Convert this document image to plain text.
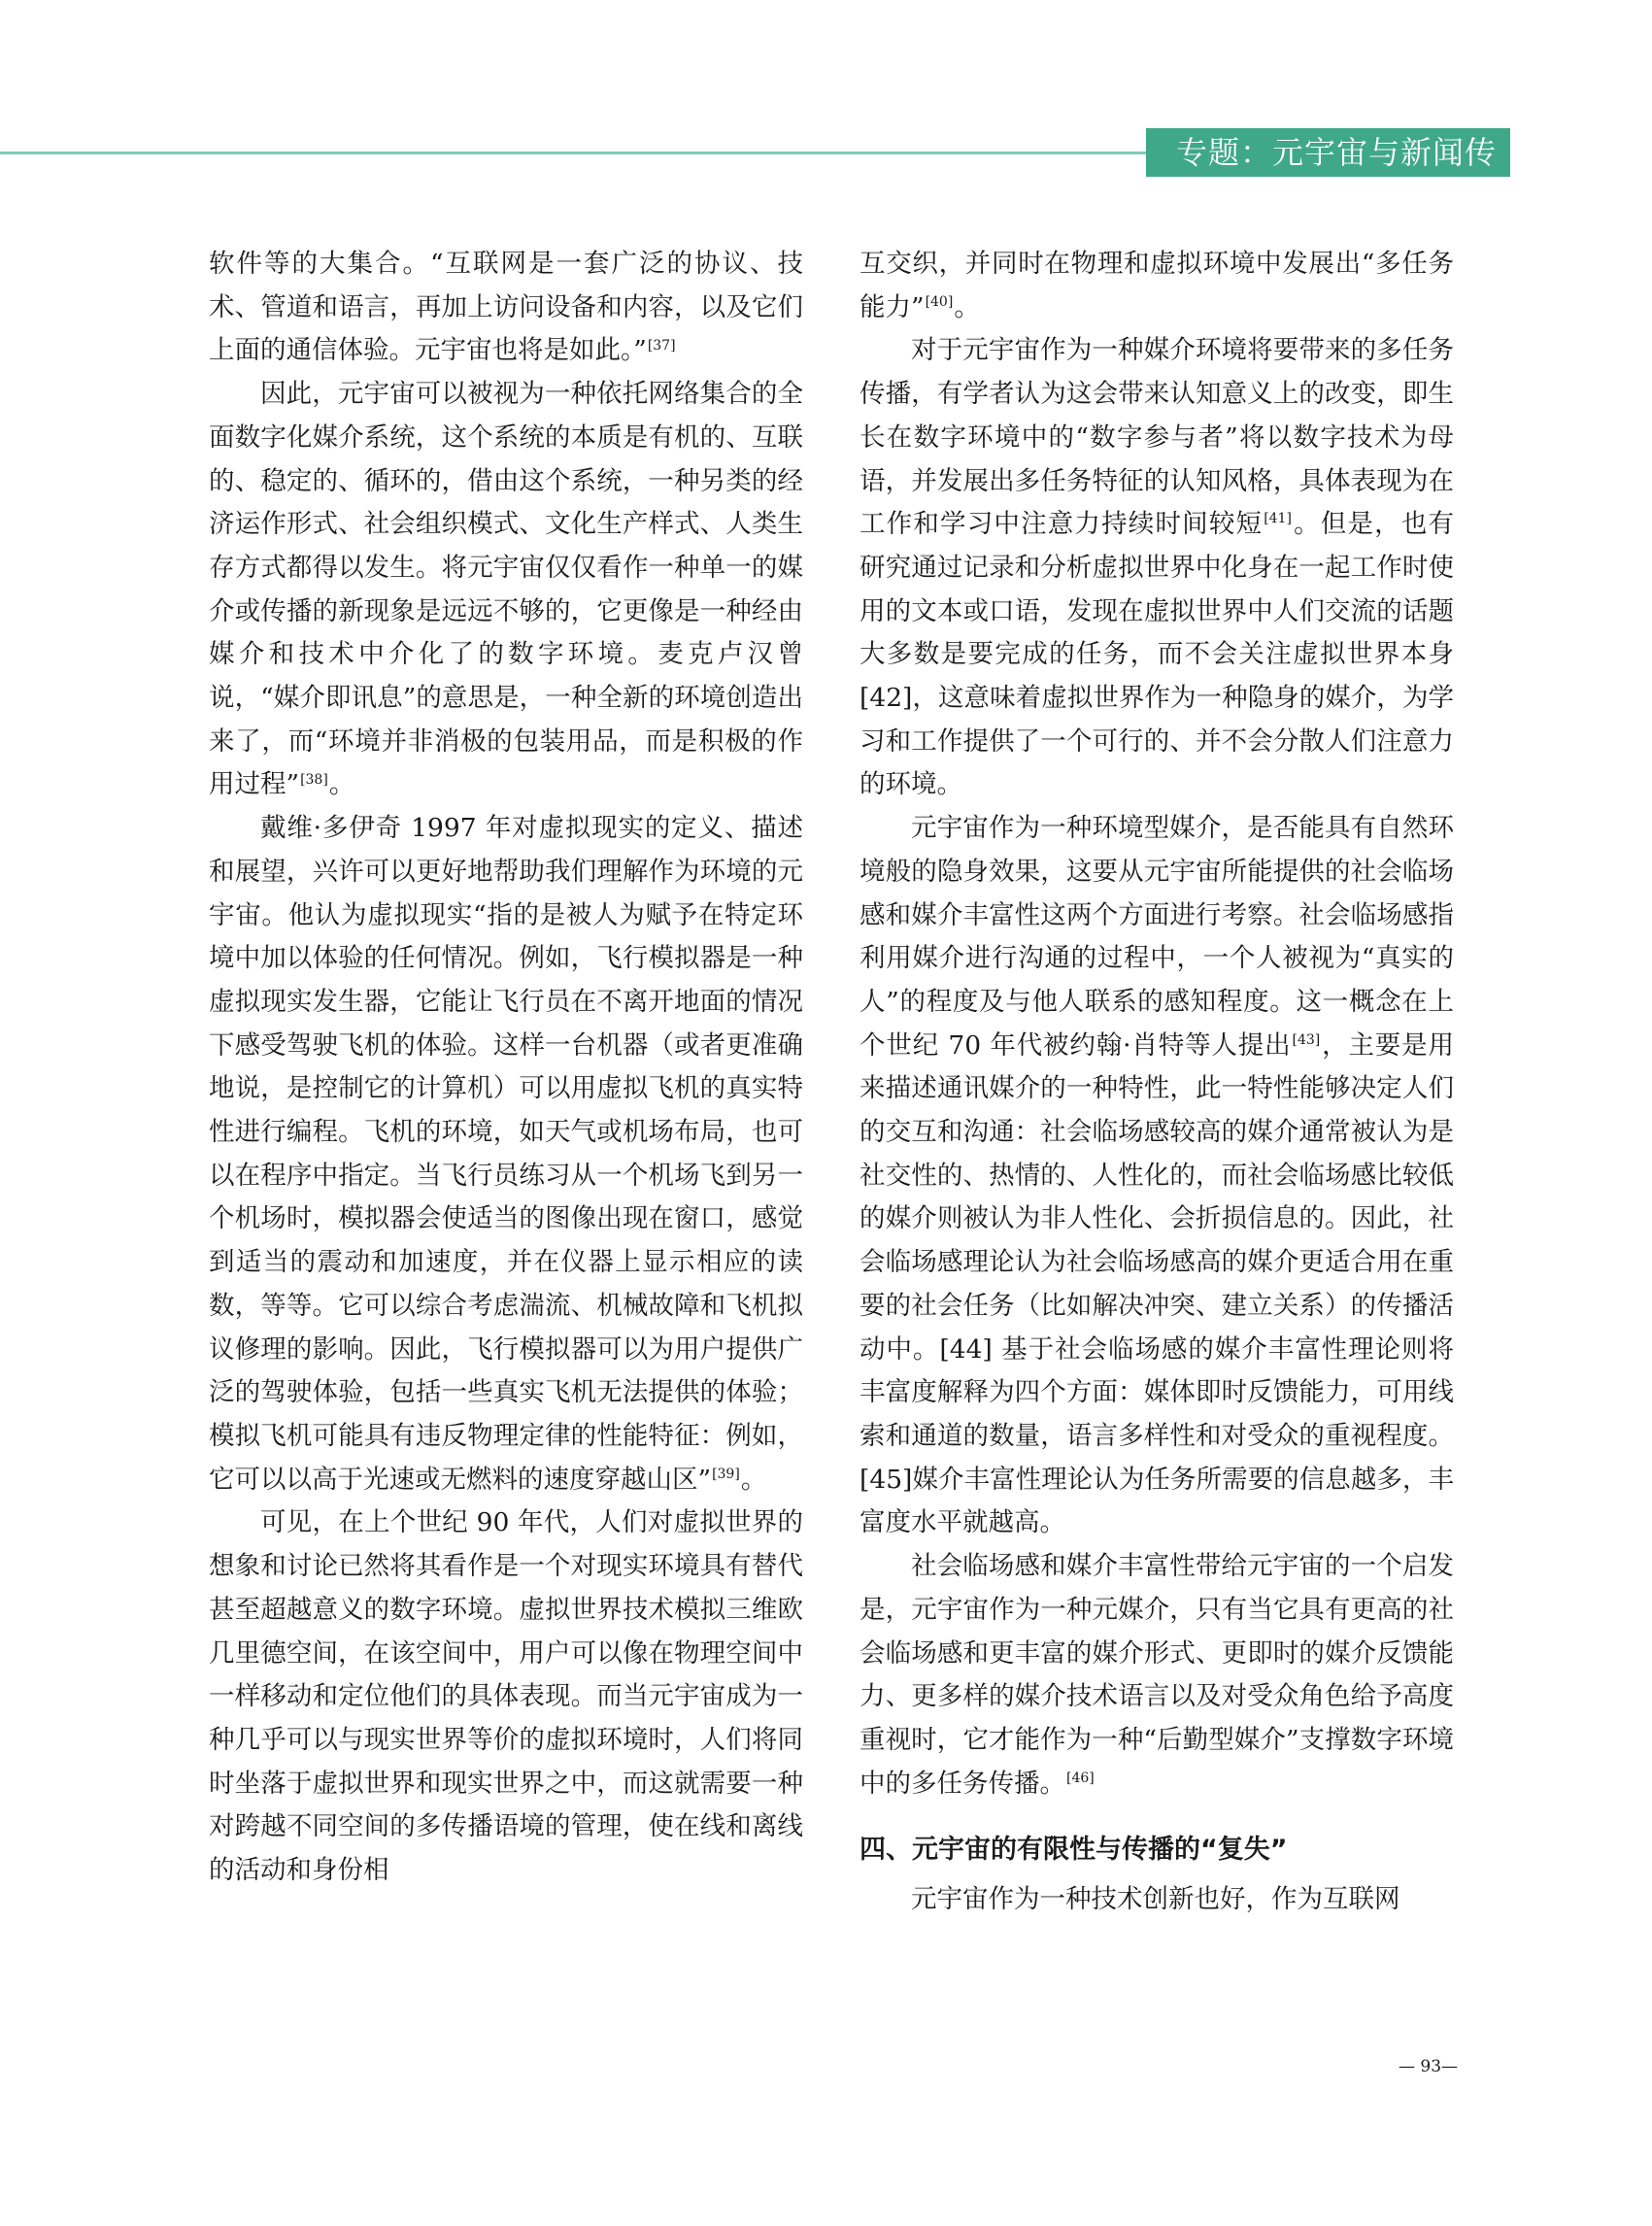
专题：元宇宙与新闻传播

软件等的大集合。“互联网是一套广泛的协议、技术、管道和语言，再加上访问设备和内容，以及它们上面的通信体验。元宇宙也将是如此。”[37]

因此，元宇宙可以被视为一种依托网络集合的全面数字化媒介系统，这个系统的本质是有机的、互联的、稳定的、循环的，借由这个系统，一种另类的经济运作形式、社会组织模式、文化生产样式、人类生存方式都得以发生。将元宇宙仅仅看作一种单一的媒介或传播的新现象是远远不够的，它更像是一种经由媒介和技术中介化了的数字环境。麦克卢汉曾说，“媒介即讯息”的意思是，一种全新的环境创造出来了，而“环境并非消极的包装用品，而是积极的作用过程”[38]。

戴维·多伊奇 1997 年对虚拟现实的定义、描述和展望，兴许可以更好地帮助我们理解作为环境的元宇宙。他认为虚拟现实“指的是被人为赋予在特定环境中加以体验的任何情况。例如，飞行模拟器是一种虚拟现实发生器，它能让飞行员在不离开地面的情况下感受驾驶飞机的体验。这样一台机器（或者更准确地说，是控制它的计算机）可以用虚拟飞机的真实特性进行编程。飞机的环境，如天气或机场布局，也可以在程序中指定。当飞行员练习从一个机场飞到另一个机场时，模拟器会使适当的图像出现在窗口，感觉到适当的震动和加速度，并在仪器上显示相应的读数，等等。它可以综合考虑湍流、机械故障和飞机拟议修理的影响。因此，飞行模拟器可以为用户提供广泛的驾驶体验，包括一些真实飞机无法提供的体验；模拟飞机可能具有违反物理定律的性能特征：例如，它可以以高于光速或无燃料的速度穿越山区”[39]。

可见，在上个世纪 90 年代，人们对虚拟世界的想象和讨论已然将其看作是一个对现实环境具有替代甚至超越意义的数字环境。虚拟世界技术模拟三维欧几里德空间，在该空间中，用户可以像在物理空间中一样移动和定位他们的具体表现。而当元宇宙成为一种几乎可以与现实世界等价的虚拟环境时，人们将同时坐落于虚拟世界和现实世界之中，而这就需要一种对跨越不同空间的多传播语境的管理，使在线和离线的活动和身份相

互交织，并同时在物理和虚拟环境中发展出“多任务能力”[40]。

对于元宇宙作为一种媒介环境将要带来的多任务传播，有学者认为这会带来认知意义上的改变，即生长在数字环境中的“数字参与者”将以数字技术为母语，并发展出多任务特征的认知风格，具体表现为在工作和学习中注意力持续时间较短[41]。但是，也有研究通过记录和分析虚拟世界中化身在一起工作时使用的文本或口语，发现在虚拟世界中人们交流的话题大多数是要完成的任务，而不会关注虚拟世界本身[42]，这意味着虚拟世界作为一种隐身的媒介，为学习和工作提供了一个可行的、并不会分散人们注意力的环境。

元宇宙作为一种环境型媒介，是否能具有自然环境般的隐身效果，这要从元宇宙所能提供的社会临场感和媒介丰富性这两个方面进行考察。社会临场感指利用媒介进行沟通的过程中，一个人被视为“真实的人”的程度及与他人联系的感知程度。这一概念在上个世纪 70 年代被约翰·肖特等人提出[43]，主要是用来描述通讯媒介的一种特性，此一特性能够决定人们的交互和沟通：社会临场感较高的媒介通常被认为是社交性的、热情的、人性化的，而社会临场感比较低的媒介则被认为非人性化、会折损信息的。因此，社会临场感理论认为社会临场感高的媒介更适合用在重要的社会任务（比如解决冲突、建立关系）的传播活动中。[44] 基于社会临场感的媒介丰富性理论则将丰富度解释为四个方面：媒体即时反馈能力，可用线索和通道的数量，语言多样性和对受众的重视程度。[45]媒介丰富性理论认为任务所需要的信息越多，丰富度水平就越高。

社会临场感和媒介丰富性带给元宇宙的一个启发是，元宇宙作为一种元媒介，只有当它具有更高的社会临场感和更丰富的媒介形式、更即时的媒介反馈能力、更多样的媒介技术语言以及对受众角色给予高度重视时，它才能作为一种“后勤型媒介”支撑数字环境中的多任务传播。[46]

四、元宇宙的有限性与传播的“复失”

元宇宙作为一种技术创新也好，作为互联网

— 93—
